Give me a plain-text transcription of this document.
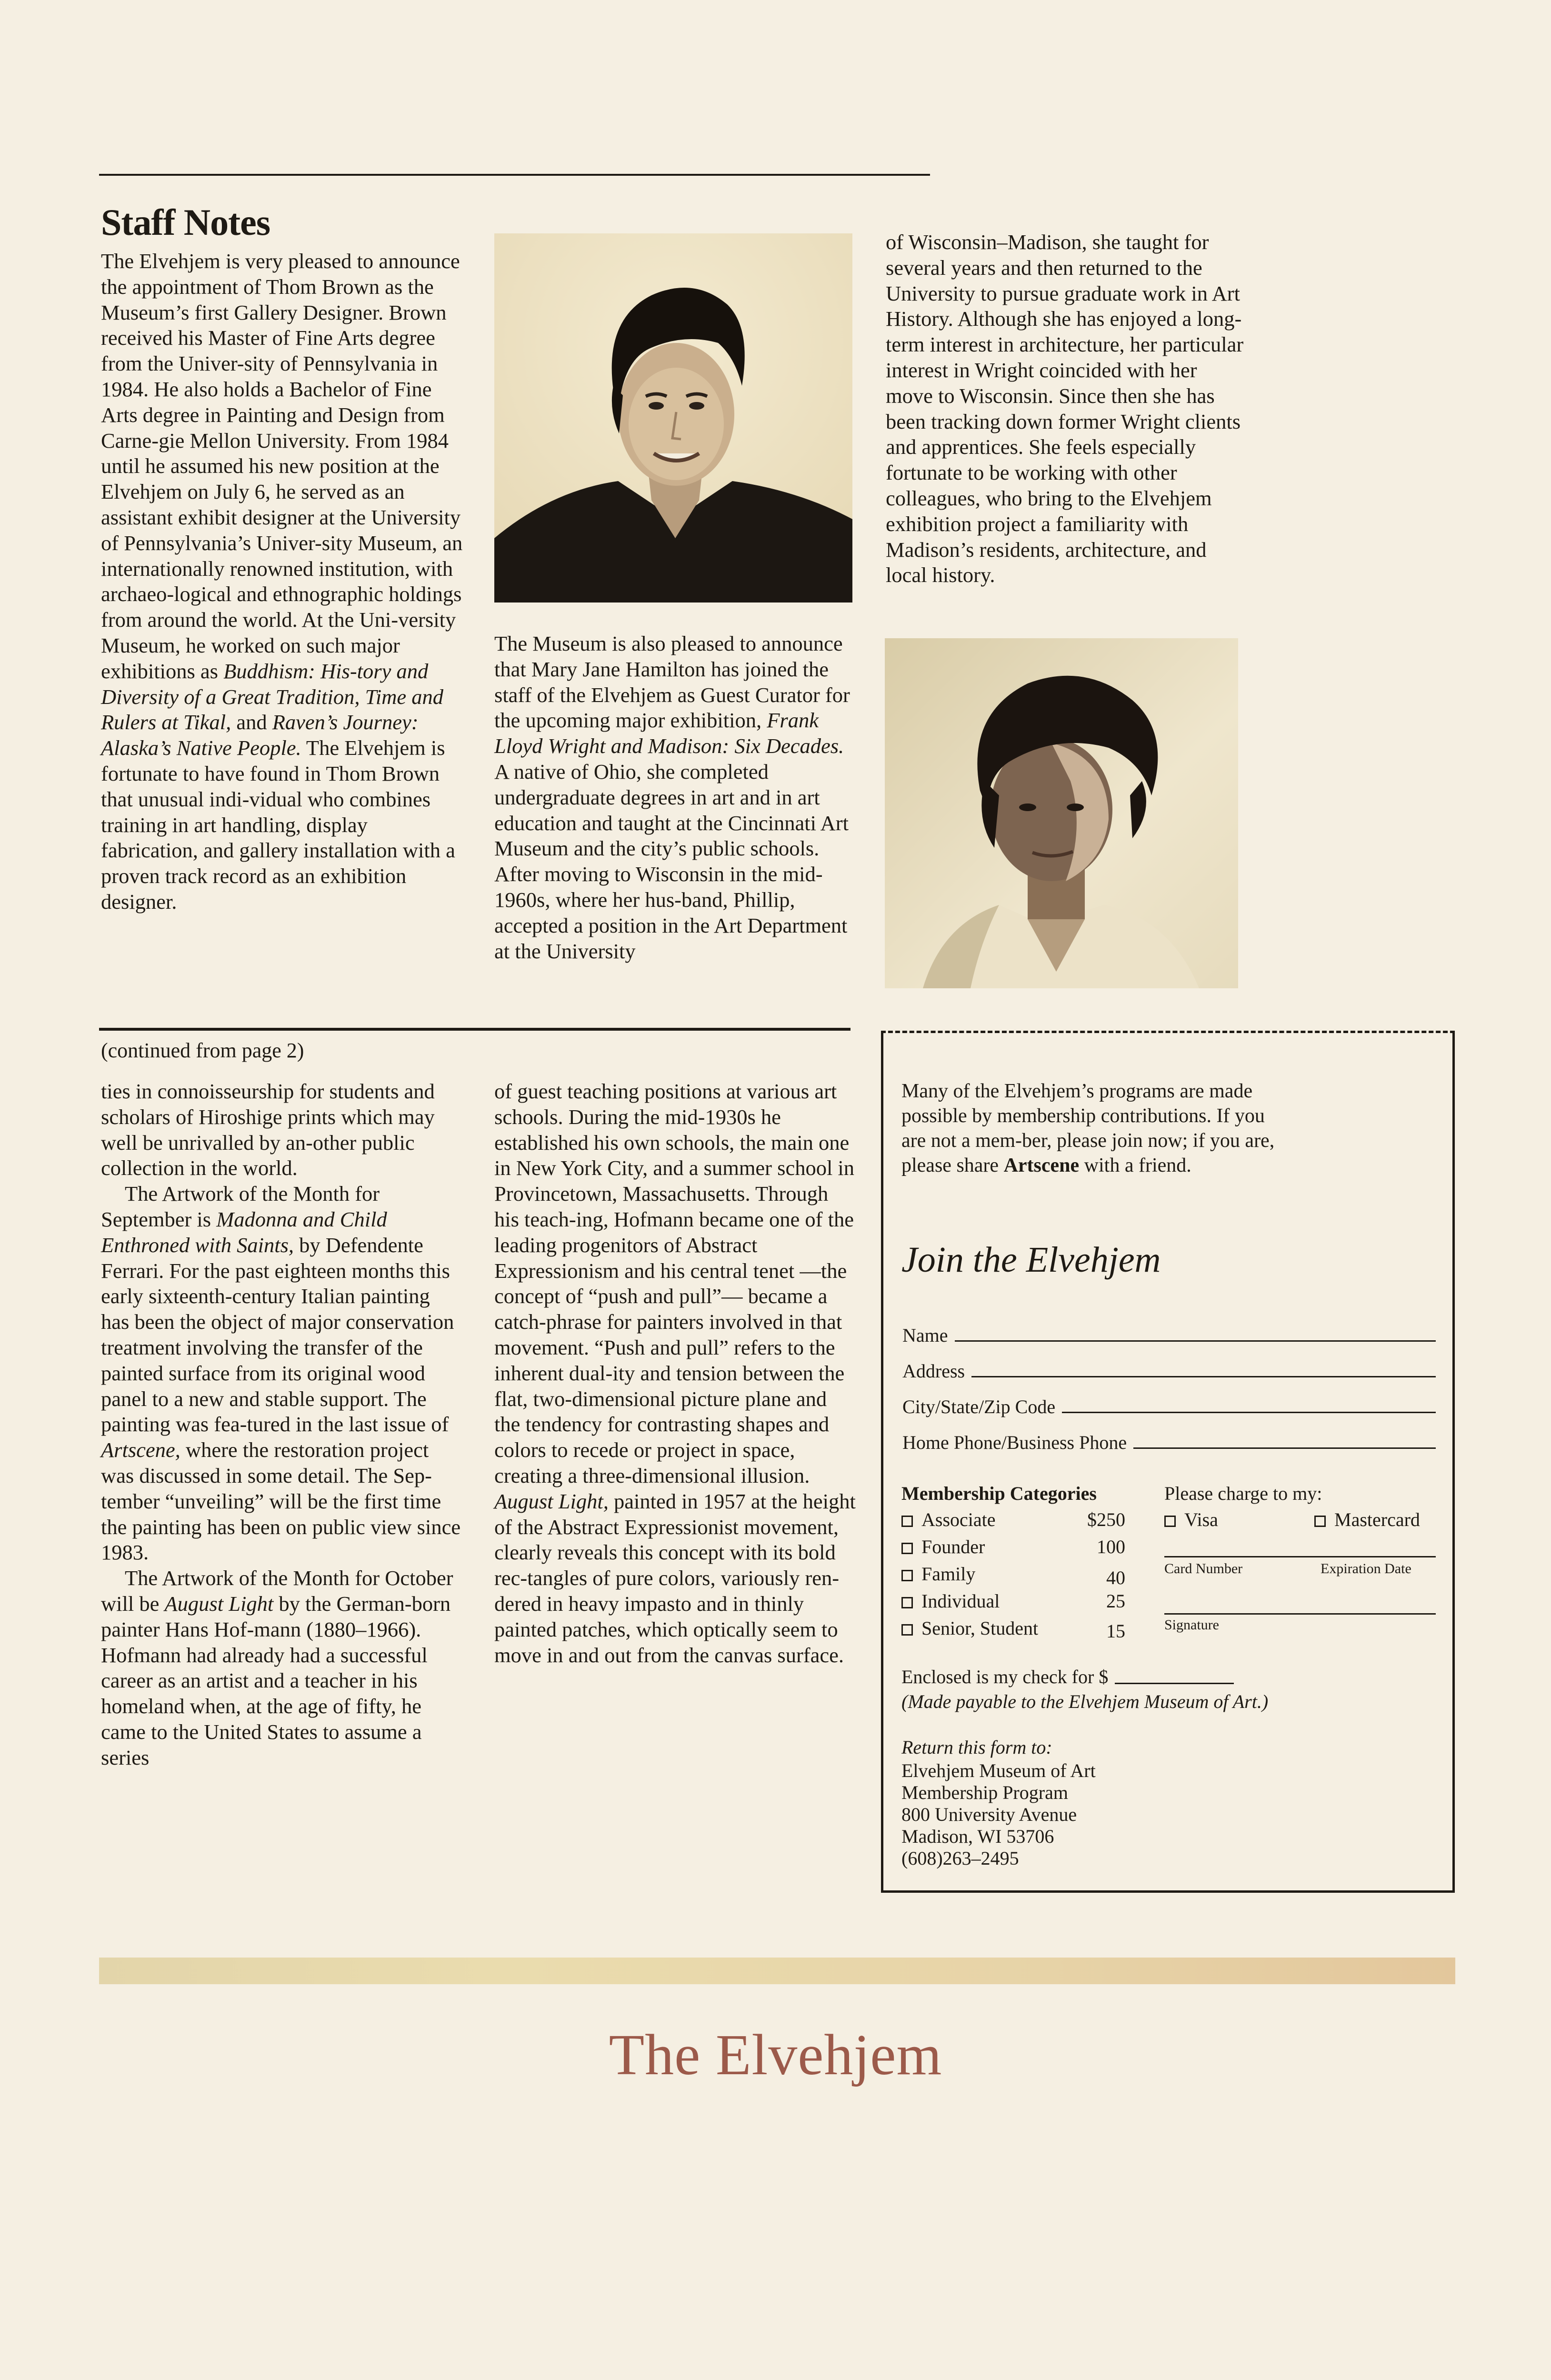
Staff Notes

The Elvehjem is very pleased to announce the appointment of Thom Brown as the Museum’s first Gallery Designer. Brown received his Master of Fine Arts degree from the Univer-sity of Pennsylvania in 1984. He also holds a Bachelor of Fine Arts degree in Painting and Design from Carne-gie Mellon University. From 1984 until he assumed his new position at the Elvehjem on July 6, he served as an assistant exhibit designer at the University of Pennsylvania’s Univer-sity Museum, an internationally renowned institution, with archaeo-logical and ethnographic holdings from around the world. At the Uni-versity Museum, he worked on such major exhibitions as Buddhism: His-tory and Diversity of a Great Tradition, Time and Rulers at Tikal, and Raven’s Journey: Alaska’s Native People. The Elvehjem is fortunate to have found in Thom Brown that unusual indi-vidual who combines training in art handling, display fabrication, and gallery installation with a proven track record as an exhibition designer.

The Museum is also pleased to announce that Mary Jane Hamilton has joined the staff of the Elvehjem as Guest Curator for the upcoming major exhibition, Frank Lloyd Wright and Madison: Six Decades. A native of Ohio, she completed undergraduate degrees in art and in art education and taught at the Cincinnati Art Museum and the city’s public schools. After moving to Wisconsin in the mid-1960s, where her hus-band, Phillip, accepted a position in the Art Department at the University

of Wisconsin–Madison, she taught for several years and then returned to the University to pursue graduate work in Art History. Although she has enjoyed a long-term interest in architecture, her particular interest in Wright coincided with her move to Wisconsin. Since then she has been tracking down former Wright clients and apprentices. She feels especially fortunate to be working with other colleagues, who bring to the Elvehjem exhibition project a familiarity with Madison’s residents, architecture, and local history.

(continued from page 2)

ties in connoisseurship for students and scholars of Hiroshige prints which may well be unrivalled by an-other public collection in the world.

The Artwork of the Month for September is Madonna and Child Enthroned with Saints, by Defendente Ferrari. For the past eighteen months this early sixteenth-century Italian painting has been the object of major conservation treatment involving the transfer of the painted surface from its original wood panel to a new and stable support. The painting was fea-tured in the last issue of Artscene, where the restoration project was discussed in some detail. The Sep-tember “unveiling” will be the first time the painting has been on public view since 1983.

The Artwork of the Month for October will be August Light by the German-born painter Hans Hof-mann (1880–1966). Hofmann had already had a successful career as an artist and a teacher in his homeland when, at the age of fifty, he came to the United States to assume a series

of guest teaching positions at various art schools. During the mid-1930s he established his own schools, the main one in New York City, and a summer school in Provincetown, Massachusetts. Through his teach-ing, Hofmann became one of the leading progenitors of Abstract Expressionism and his central tenet —the concept of “push and pull”— became a catch-phrase for painters involved in that movement. “Push and pull” refers to the inherent dual-ity and tension between the flat, two-dimensional picture plane and the tendency for contrasting shapes and colors to recede or project in space, creating a three-dimensional illusion. August Light, painted in 1957 at the height of the Abstract Expressionist movement, clearly reveals this concept with its bold rec-tangles of pure colors, variously ren-dered in heavy impasto and in thinly painted patches, which optically seem to move in and out from the canvas surface.

Many of the Elvehjem’s programs are made possible by membership contributions. If you are not a mem-ber, please join now; if you are, please share Artscene with a friend.
Join the Elvehjem
Name
Address
City/State/Zip Code
Home Phone/Business Phone
Membership Categories
Associate	$250
Founder	100
Family	40
Individual	25
Senior, Student	15
Please charge to my:
Visa	Mastercard
Card Number	Expiration Date
Signature
Enclosed is my check for $
(Made payable to the Elvehjem Museum of Art.)
Return this form to:
Elvehjem Museum of Art
Membership Program
800 University Avenue
Madison, WI 53706
(608)263–2495
The Elvehjem
